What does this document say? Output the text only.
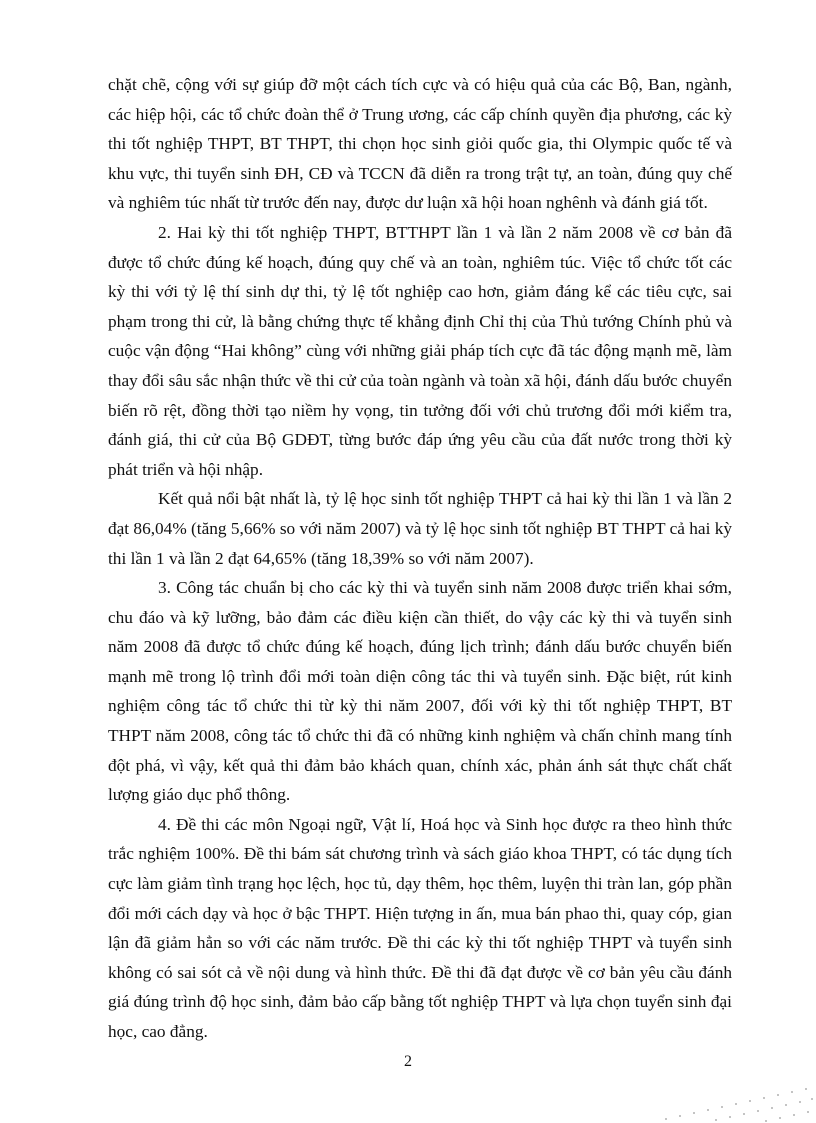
chặt chẽ, cộng với sự giúp đỡ một cách tích cực và có hiệu quả của các Bộ, Ban, ngành, các hiệp hội, các tổ chức đoàn thể ở Trung ương, các cấp chính quyền địa phương, các kỳ thi tốt nghiệp THPT, BT THPT, thi chọn học sinh giỏi quốc gia, thi Olympic quốc tế và khu vực, thi tuyển sinh ĐH, CĐ và TCCN đã diễn ra trong trật tự, an toàn, đúng quy chế và nghiêm túc nhất từ trước đến nay, được dư luận xã hội hoan nghênh và đánh giá tốt.

2. Hai kỳ thi tốt nghiệp THPT, BTTHPT lần 1 và lần 2 năm 2008 về cơ bản đã được tổ chức đúng kế hoạch, đúng quy chế và an toàn, nghiêm túc. Việc tổ chức tốt các kỳ thi với tỷ lệ thí sinh dự thi, tỷ lệ tốt nghiệp cao hơn, giảm đáng kể các tiêu cực, sai phạm trong thi cử, là bằng chứng thực tế khẳng định Chỉ thị của Thủ tướng Chính phủ và cuộc vận động “Hai không” cùng với những giải pháp tích cực đã tác động mạnh mẽ, làm thay đổi sâu sắc nhận thức về thi cử của toàn ngành và toàn xã hội, đánh dấu bước chuyển biến rõ rệt, đồng thời tạo niềm hy vọng, tin tưởng đối với chủ trương đổi mới kiểm tra, đánh giá, thi cử của Bộ GDĐT, từng bước đáp ứng yêu cầu của đất nước trong thời kỳ phát triển và hội nhập.

Kết quả nổi bật nhất là, tỷ lệ học sinh tốt nghiệp THPT cả hai kỳ thi lần 1 và lần 2 đạt 86,04% (tăng 5,66% so với năm 2007) và tỷ lệ học sinh tốt nghiệp BT THPT cả hai kỳ thi lần 1 và lần 2 đạt 64,65% (tăng 18,39% so với năm 2007).

3. Công tác chuẩn bị cho các kỳ thi và tuyển sinh năm 2008 được triển khai sớm, chu đáo và kỹ lưỡng, bảo đảm các điều kiện cần thiết, do vậy các kỳ thi và tuyển sinh năm 2008 đã được tổ chức đúng kế hoạch, đúng lịch trình; đánh dấu bước chuyển biến mạnh mẽ trong lộ trình đổi mới toàn diện công tác thi và tuyển sinh. Đặc biệt, rút kinh nghiệm công tác tổ chức thi từ kỳ thi năm 2007, đối với kỳ thi tốt nghiệp THPT, BT THPT năm 2008, công tác tổ chức thi đã có những kinh nghiệm và chấn chỉnh mang tính đột phá, vì vậy, kết quả thi đảm bảo khách quan, chính xác, phản ánh sát thực chất chất lượng giáo dục phổ thông.

4. Đề thi các môn Ngoại ngữ, Vật lí, Hoá học và Sinh học được ra theo hình thức trắc nghiệm 100%. Đề thi bám sát chương trình và sách giáo khoa THPT, có tác dụng tích cực làm giảm tình trạng học lệch, học tủ, dạy thêm, học thêm, luyện thi tràn lan, góp phần đổi mới cách dạy và học ở bậc THPT. Hiện tượng in ấn, mua bán phao thi, quay cóp, gian lận đã giảm hẳn so với các năm trước. Đề thi các kỳ thi tốt nghiệp THPT và tuyển sinh không có sai sót cả về nội dung và hình thức. Đề thi đã đạt được về cơ bản yêu cầu đánh giá đúng trình độ học sinh, đảm bảo cấp bằng tốt nghiệp THPT và lựa chọn tuyển sinh đại học, cao đẳng.

2
